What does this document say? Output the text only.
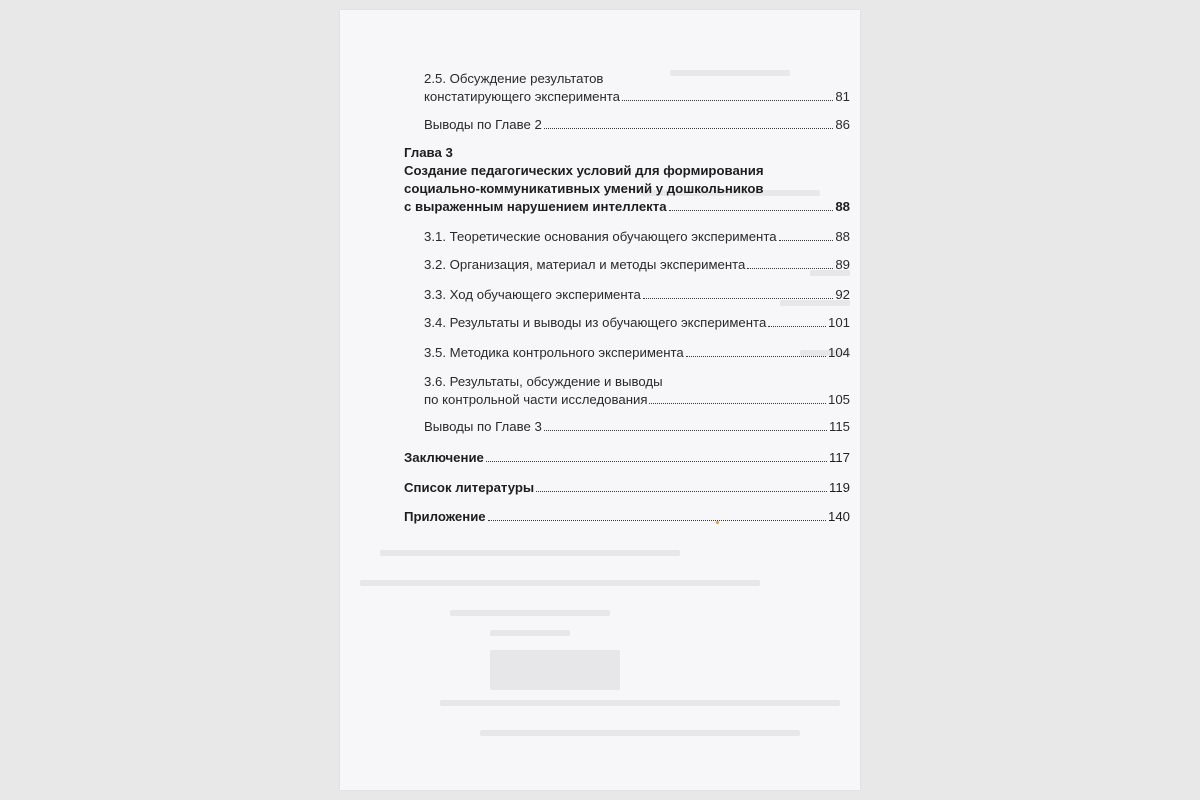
2.5. Обсуждение результатов
констатирующего эксперимента	81
Выводы по Главе 2	86
Глава 3
Создание педагогических условий для формирования
социально-коммуникативных умений у дошкольников
с выраженным нарушением интеллекта	88
3.1. Теоретические основания обучающего эксперимента	88
3.2. Организация, материал и методы эксперимента	89
3.3. Ход обучающего эксперимента	92
3.4. Результаты и выводы из обучающего эксперимента	101
3.5. Методика контрольного эксперимента	104
3.6. Результаты, обсуждение и выводы
по контрольной части исследования	105
Выводы по Главе 3	115
Заключение	117
Список литературы	119
Приложение	140
